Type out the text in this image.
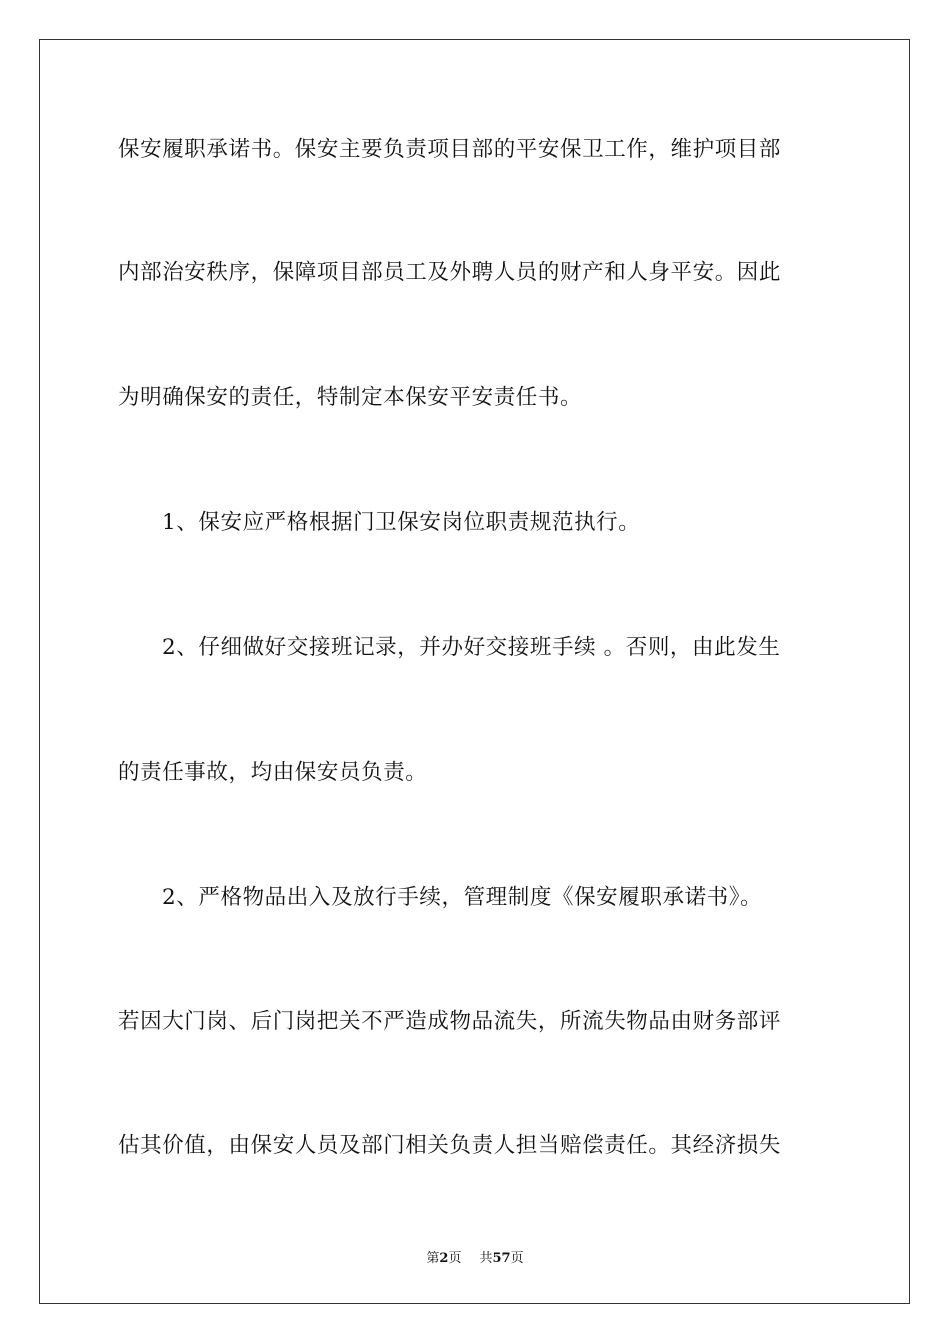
保安履职承诺书。保安主要负责项目部的平安保卫工作，维护项目部
内部治安秩序，保障项目部员工及外聘人员的财产和人身平安。因此
为明确保安的责任，特制定本保安平安责任书。
1、保安应严格根据门卫保安岗位职责规范执行。
2、仔细做好交接班记录，并办好交接班手续 。否则，由此发生
的责任事故，均由保安员负责。
2、严格物品出入及放行手续，管理制度《保安履职承诺书》。
若因大门岗、后门岗把关不严造成物品流失，所流失物品由财务部评
估其价值，由保安人员及部门相关负责人担当赔偿责任。其经济损失
第2页 共57页
